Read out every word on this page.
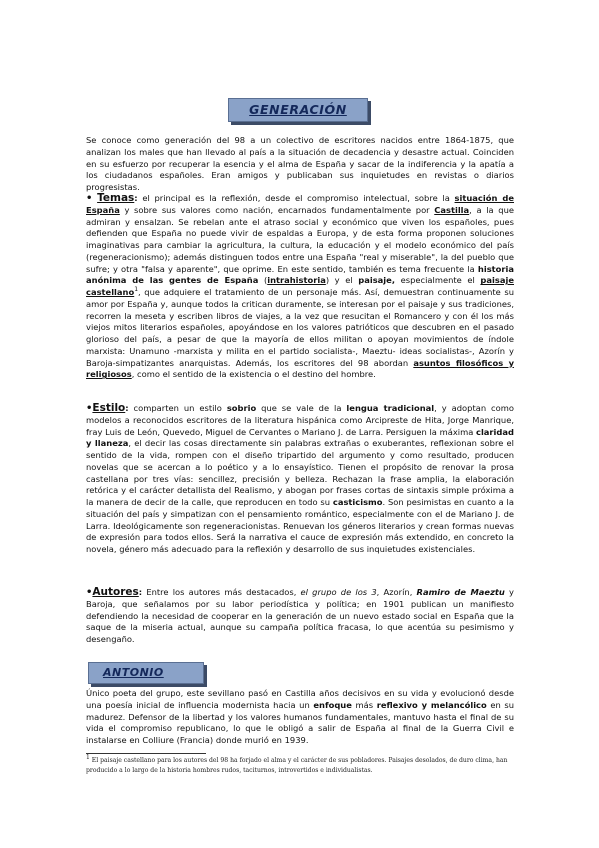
GENERACIÓN
Se conoce como generación del 98 a un colectivo de escritores nacidos entre 1864-1875, que analizan los males que han llevado al país a la situación de decadencia y desastre actual. Coinciden en su esfuerzo por recuperar la esencia y el alma de España y sacar de la indiferencia y la apatía a los ciudadanos españoles. Eran amigos y publicaban sus inquietudes en revistas o diarios progresistas.
• Temas: el principal es la reflexión, desde el compromiso intelectual, sobre la situación de España y sobre sus valores como nación, encarnados fundamentalmente por Castilla, a la que admiran y ensalzan. Se rebelan ante el atraso social y económico que viven los españoles, pues defienden que España no puede vivir de espaldas a Europa, y de esta forma proponen soluciones imaginativas para cambiar la agricultura, la cultura, la educación y el modelo económico del país (regeneracionismo); además distinguen todos entre una España "real y miserable", la del pueblo que sufre; y otra "falsa y aparente", que oprime. En este sentido, también es tema frecuente la historia anónima de las gentes de España (intrahistoria) y el paisaje, especialmente el paisaje castellano$^1$, que adquiere el tratamiento de un personaje más. Así, demuestran continuamente su amor por España y, aunque todos la critican duramente, se interesan por el paisaje y sus tradiciones, recorren la meseta y escriben libros de viajes, a la vez que resucitan el Romancero y con él los más viejos mitos literarios españoles, apoyándose en los valores patrióticos que descubren en el pasado glorioso del país, a pesar de que la mayoría de ellos militan o apoyan movimientos de índole marxista: Unamuno -marxista y milita en el partido socialista-, Maeztu- ideas socialistas-, Azorín y Baroja-simpatizantes anarquistas. Además, los escritores del 98 abordan asuntos filosóficos y religiosos, como el sentido de la existencia o el destino del hombre.
•Estilo: comparten un estilo sobrio que se vale de la lengua tradicional, y adoptan como modelos a reconocidos escritores de la literatura hispánica como Arcipreste de Hita, Jorge Manrique, fray Luis de León, Quevedo, Miguel de Cervantes o Mariano J. de Larra. Persiguen la máxima claridad y llaneza, el decir las cosas directamente sin palabras extrañas o exuberantes, reflexionan sobre el sentido de la vida, rompen con el diseño tripartido del argumento y como resultado, producen novelas que se acercan a lo poético y a lo ensayístico. Tienen el propósito de renovar la prosa castellana por tres vías: sencillez, precisión y belleza. Rechazan la frase amplia, la elaboración retórica y el carácter detallista del Realismo, y abogan por frases cortas de sintaxis simple próxima a la manera de decir de la calle, que reproducen en todo su casticismo. Son pesimistas en cuanto a la situación del país y simpatizan con el pensamiento romántico, especialmente con el de Mariano J. de Larra. Ideológicamente son regeneracionistas. Renuevan los géneros literarios y crean formas nuevas de expresión para todos ellos. Será la narrativa el cauce de expresión más extendido, en concreto la novela, género más adecuado para la reflexión y desarrollo de sus inquietudes existenciales.
•Autores: Entre los autores más destacados, el grupo de los 3, Azorín, Ramiro de Maeztu y Baroja, que señalamos por su labor periodística y política; en 1901 publican un manifiesto defendiendo la necesidad de cooperar en la generación de un nuevo estado social en España que la saque de la miseria actual, aunque su campaña política fracasa, lo que acentúa su pesimismo y desengaño.
ANTONIO
Único poeta del grupo, este sevillano pasó en Castilla años decisivos en su vida y evolucionó desde una poesía inicial de influencia modernista hacia un enfoque más reflexivo y melancólico en su madurez. Defensor de la libertad y los valores humanos fundamentales, mantuvo hasta el final de su vida el compromiso republicano, lo que le obligó a salir de España al final de la Guerra Civil e instalarse en Colliure (Francia) donde murió en 1939.
$^1$ El paisaje castellano para los autores del 98 ha forjado el alma y el carácter de sus pobladores. Paisajes desolados, de duro clima, han producido a lo largo de la historia hombres rudos, taciturnos, introvertidos e individualistas.
